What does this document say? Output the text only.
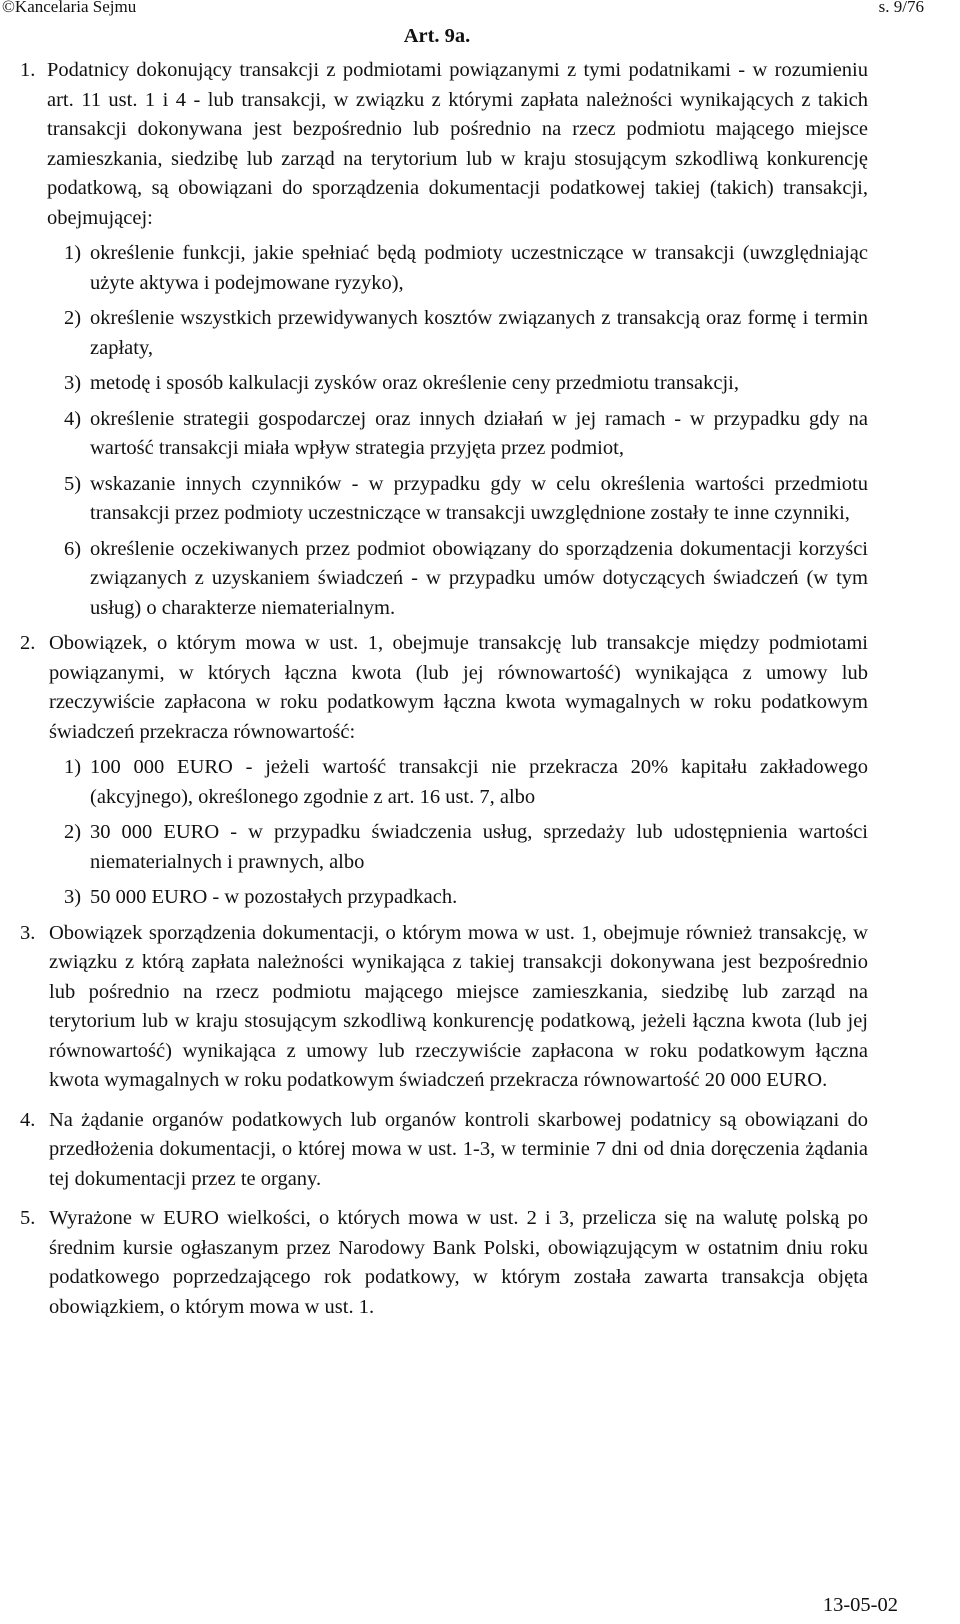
©Kancelaria Sejmu	s. 9/76
Art. 9a.
1. Podatnicy dokonujący transakcji z podmiotami powiązanymi z tymi podatnikami - w rozumieniu art. 11 ust. 1 i 4 - lub transakcji, w związku z którymi zapłata należności wynikających z takich transakcji dokonywana jest bezpośrednio lub pośrednio na rzecz podmiotu mającego miejsce zamieszkania, siedzibę lub zarząd na terytorium lub w kraju stosującym szkodliwą konkurencję podatkową, są obowiązani do sporządzenia dokumentacji podatkowej takiej (takich) transakcji, obejmującej:
1) określenie funkcji, jakie spełniać będą podmioty uczestniczące w transakcji (uwzględniając użyte aktywa i podejmowane ryzyko),
2) określenie wszystkich przewidywanych kosztów związanych z transakcją oraz formę i termin zapłaty,
3) metodę i sposób kalkulacji zysków oraz określenie ceny przedmiotu transakcji,
4) określenie strategii gospodarczej oraz innych działań w jej ramach - w przypadku gdy na wartość transakcji miała wpływ strategia przyjęta przez podmiot,
5) wskazanie innych czynników - w przypadku gdy w celu określenia wartości przedmiotu transakcji przez podmioty uczestniczące w transakcji uwzględnione zostały te inne czynniki,
6) określenie oczekiwanych przez podmiot obowiązany do sporządzenia dokumentacji korzyści związanych z uzyskaniem świadczeń - w przypadku umów dotyczących świadczeń (w tym usług) o charakterze niematerialnym.
2. Obowiązek, o którym mowa w ust. 1, obejmuje transakcję lub transakcje między podmiotami powiązanymi, w których łączna kwota (lub jej równowartość) wynikająca z umowy lub rzeczywiście zapłacona w roku podatkowym łączna kwota wymagalnych w roku podatkowym świadczeń przekracza równowartość:
1) 100 000 EURO - jeżeli wartość transakcji nie przekracza 20% kapitału zakładowego (akcyjnego), określonego zgodnie z art. 16 ust. 7, albo
2) 30 000 EURO - w przypadku świadczenia usług, sprzedaży lub udostępnienia wartości niematerialnych i prawnych, albo
3) 50 000 EURO - w pozostałych przypadkach.
3. Obowiązek sporządzenia dokumentacji, o którym mowa w ust. 1, obejmuje również transakcję, w związku z którą zapłata należności wynikająca z takiej transakcji dokonywana jest bezpośrednio lub pośrednio na rzecz podmiotu mającego miejsce zamieszkania, siedzibę lub zarząd na terytorium lub w kraju stosującym szkodliwą konkurencję podatkową, jeżeli łączna kwota (lub jej równowartość) wynikająca z umowy lub rzeczywiście zapłacona w roku podatkowym łączna kwota wymagalnych w roku podatkowym świadczeń przekracza równowartość 20 000 EURO.
4. Na żądanie organów podatkowych lub organów kontroli skarbowej podatnicy są obowiązani do przedłożenia dokumentacji, o której mowa w ust. 1-3, w terminie 7 dni od dnia doręczenia żądania tej dokumentacji przez te organy.
5. Wyrażone w EURO wielkości, o których mowa w ust. 2 i 3, przelicza się na walutę polską po średnim kursie ogłaszanym przez Narodowy Bank Polski, obowiązującym w ostatnim dniu roku podatkowego poprzedzającego rok podatkowy, w którym została zawarta transakcja objęta obowiązkiem, o którym mowa w ust. 1.
13-05-02
